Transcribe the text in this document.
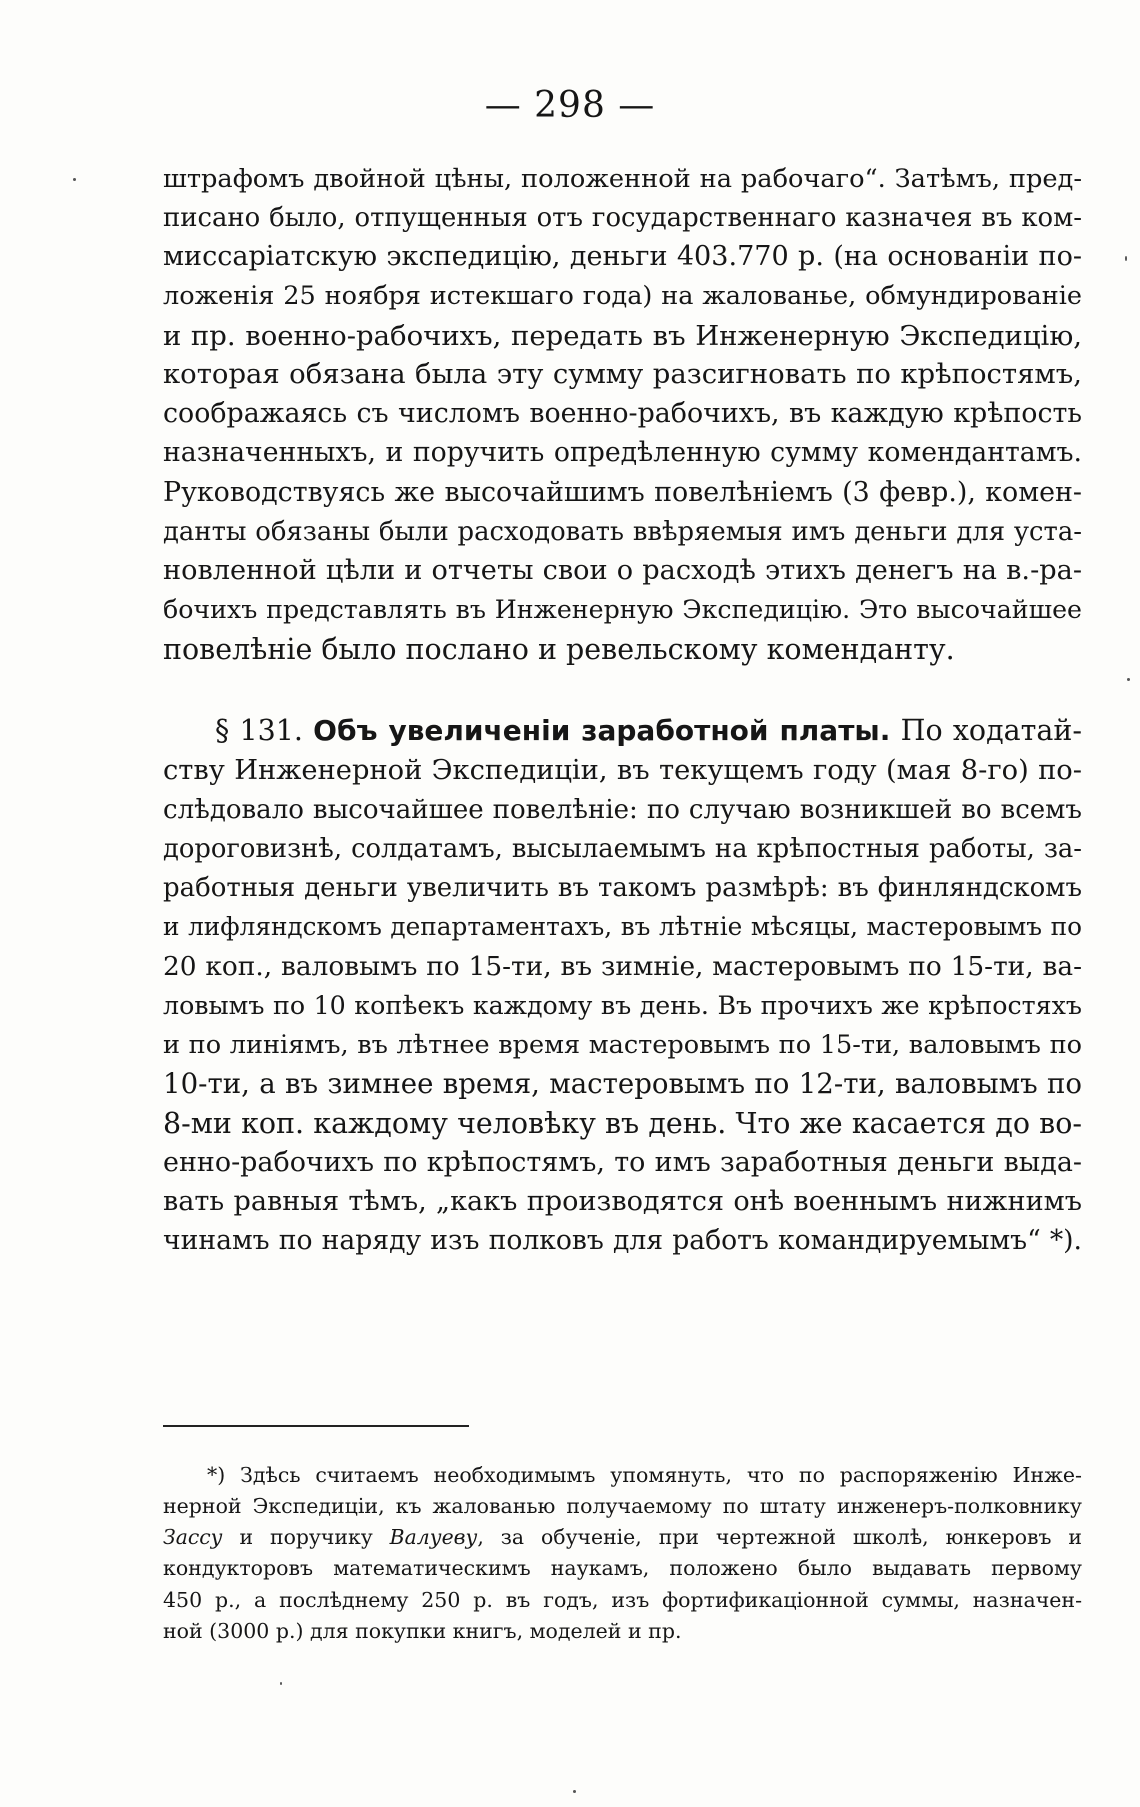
— 298 —
штрафомъ двойной цѣны, положенной на рабочаго“. Затѣмъ, пред-
писано было, отпущенныя отъ государственнаго казначея въ ком-
миссаріатскую экспедицію, деньги 403.770 р. (на основаніи по-
ложенія 25 ноября истекшаго года) на жалованье, обмундированіе
и пр. военно-рабочихъ, передать въ Инженерную Экспедицію,
которая обязана была эту сумму разсигновать по крѣпостямъ,
соображаясь съ числомъ военно-рабочихъ, въ каждую крѣпость
назначенныхъ, и поручить опредѣленную сумму комендантамъ.
Руководствуясь же высочайшимъ повелѣніемъ (3 февр.), комен-
данты обязаны были расходовать ввѣряемыя имъ деньги для уста-
новленной цѣли и отчеты свои о расходѣ этихъ денегъ на в.-ра-
бочихъ представлять въ Инженерную Экспедицію. Это высочайшее
повелѣніе было послано и ревельскому коменданту.
§ 131. Объ увеличеніи заработной платы. По ходатай-
ству Инженерной Экспедиціи, въ текущемъ году (мая 8-го) по-
слѣдовало высочайшее повелѣніе: по случаю возникшей во всемъ
дороговизнѣ, солдатамъ, высылаемымъ на крѣпостныя работы, за-
работныя деньги увеличить въ такомъ размѣрѣ: въ финляндскомъ
и лифляндскомъ департаментахъ, въ лѣтніе мѣсяцы, мастеровымъ по
20 коп., валовымъ по 15-ти, въ зимніе, мастеровымъ по 15-ти, ва-
ловымъ по 10 копѣекъ каждому въ день. Въ прочихъ же крѣпостяхъ
и по линіямъ, въ лѣтнее время мастеровымъ по 15-ти, валовымъ по
10-ти, а въ зимнее время, мастеровымъ по 12-ти, валовымъ по
8-ми коп. каждому человѣку въ день. Что же касается до во-
енно-рабочихъ по крѣпостямъ, то имъ заработныя деньги выда-
вать равныя тѣмъ, „какъ производятся онѣ военнымъ нижнимъ
чинамъ по наряду изъ полковъ для работъ командируемымъ“ *).
*) Здѣсь считаемъ необходимымъ упомянуть, что по распоряженію Инже-
нерной Экспедиціи, къ жалованью получаемому по штату инженеръ-полковнику
Зассу и поручику Валуеву, за обученіе, при чертежной школѣ, юнкеровъ и
кондукторовъ математическимъ наукамъ, положено было выдавать первому
450 р., а послѣднему 250 р. въ годъ, изъ фортификаціонной суммы, назначен-
ной (3000 р.) для покупки книгъ, моделей и пр.
